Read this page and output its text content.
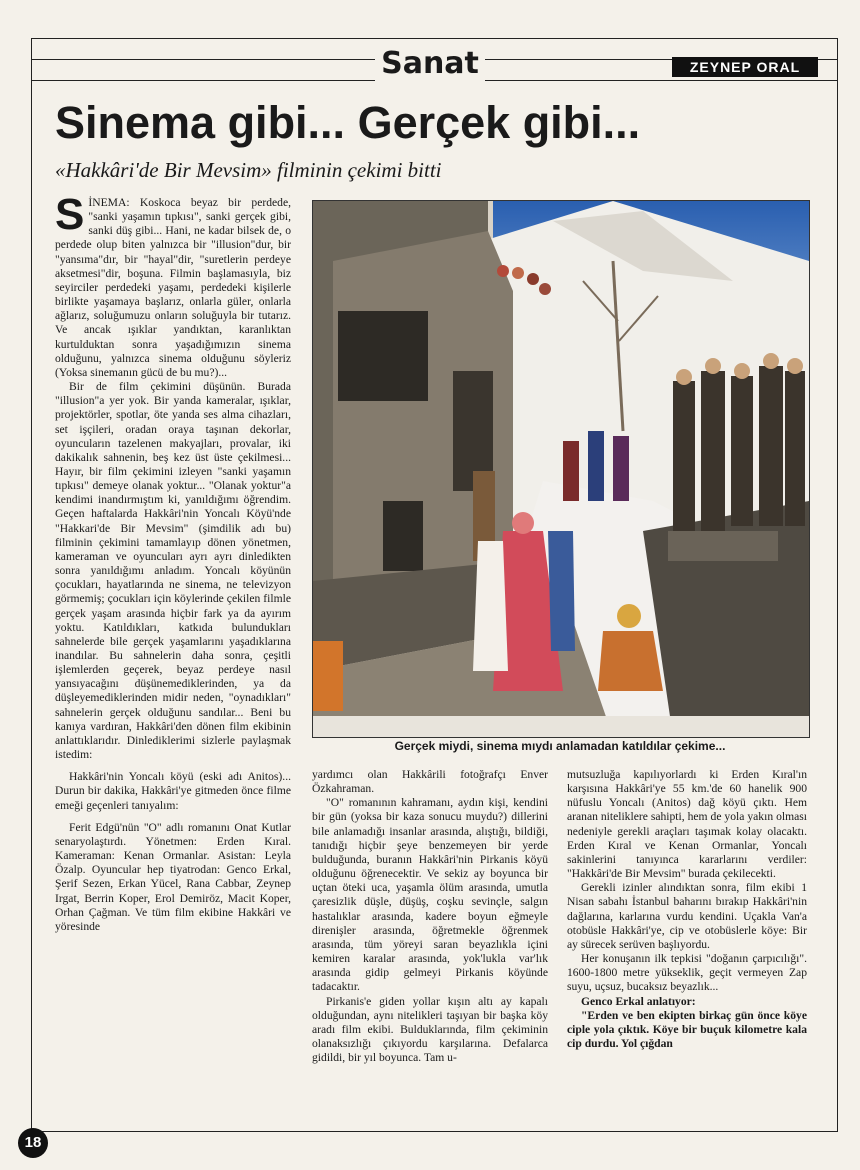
Sanat	ZEYNEP ORAL
Sinema gibi... Gerçek gibi...
«Hakkâri'de Bir Mevsim» filminin çekimi bitti

SİNEMA: Koskoca beyaz bir perdede, "sanki yaşamın tıpkısı", sanki gerçek gibi, sanki düş gibi... Hani, ne kadar bilsek de, o perdede olup biten yalnızca bir "illusion"dur, bir "yansıma"dır, bir "hayal"dir, "suretlerin perdeye aksetmesi"dir, boşuna. Filmin başlamasıyla, biz seyirciler perdedeki yaşamı, perdedeki kişilerle birlikte yaşamaya başlarız, onlarla güler, onlarla ağlarız, soluğumuzu onların soluğuyla bir tutarız. Ve ancak ışıklar yandıktan, karanlıktan kurtulduktan sonra yaşadığımızın sinema olduğunu, yalnızca sinema olduğunu söyleriz (Yoksa sinemanın gücü de bu mu?)...

Bir de film çekimini düşünün. Burada "illusion"a yer yok. Bir yanda kameralar, ışıklar, projektörler, spotlar, öte yanda ses alma cihazları, set işçileri, oradan oraya taşınan dekorlar, oyuncuların tazelenen makyajları, provalar, iki dakikalık sahnenin, beş kez üst üste çekilmesi... Hayır, bir film çekimini izleyen "sanki yaşamın tıpkısı" demeye olanak yoktur... "Olanak yoktur"a kendimi inandırmıştım ki, yanıldığımı öğrendim. Geçen haftalarda Hakkâri'nin Yoncalı Köyü'nde "Hakkari'de Bir Mevsim" (şimdilik adı bu) filminin çekimini tamamlayıp dönen yönetmen, kameraman ve oyuncuları ayrı ayrı dinledikten sonra yanıldığımı anladım. Yoncalı köyünün çocukları, hayatlarında ne sinema, ne televizyon görmemiş; çocukları için köylerinde çekilen filmle gerçek yaşam arasında hiçbir fark ya da ayırım yoktu. Katıldıkları, katkıda bulundukları sahnelerde bile gerçek yaşamlarını yaşadıklarına inandılar. Bu sahnelerin daha sonra, çeşitli işlemlerden geçerek, beyaz perdeye nasıl yansıyacağını düşünemediklerinden, ya da düşleyemediklerinden midir neden, "oynadıkları" sahnelerin gerçek olduğunu sandılar... Beni bu kanıya vardıran, Hakkâri'den dönen film ekibinin anlattıklarıdır. Dinlediklerimi sizlerle paylaşmak istedim:

Hakkâri'nin Yoncalı köyü (eski adı Anitos)... Durun bir dakika, Hakkâri'ye gitmeden önce filme emeği geçenleri tanıyalım:

Ferit Edgü'nün "O" adlı romanını Onat Kutlar senaryolaştırdı. Yönetmen: Erden Kıral. Kameraman: Kenan Ormanlar. Asistan: Leyla Özalp. Oyuncular hep tiyatrodan: Genco Erkal, Şerif Sezen, Erkan Yücel, Rana Cabbar, Zeynep Irgat, Berrin Koper, Erol Demiröz, Macit Koper, Orhan Çağman. Ve tüm film ekibine Hakkâri ve yöresinde

Gerçek miydi, sinema mıydı anlamadan katıldılar çekime...

yardımcı olan Hakkârili fotoğrafçı Enver Özkahraman.

"O" romanının kahramanı, aydın kişi, kendini bir gün (yoksa bir kaza sonucu muydu?) dillerini bile anlamadığı insanlar arasında, alıştığı, bildiği, tanıdığı hiçbir şeye benzemeyen bir yerde bulduğunda, buranın Hakkâri'nin Pirkanis köyü olduğunu öğrenecektir. Ve sekiz ay boyunca bir uçtan öteki uca, yaşamla ölüm arasında, umutla çaresizlik düşle, düşüş, coşku sevinçle, salgın hastalıklar arasında, kadere boyun eğmeyle direnişler arasında, öğretmekle öğrenmek arasında, tüm yöreyi saran beyazlıkla içini kemiren karalar arasında, yok'lukla var'lık arasında gidip gelmeyi Pirkanis köyünde tadacaktır.

Pirkanis'e giden yollar kışın altı ay kapalı olduğundan, aynı nitelikleri taşıyan bir başka köy aradı film ekibi. Bulduklarında, film çekiminin olanaksızlığı çıkıyordu karşılarına. Defalarca gidildi, bir yıl boyunca. Tam u-

mutsuzluğa kapılıyorlardı ki Erden Kıral'ın karşısına Hakkâri'ye 55 km.'de 60 hanelik 900 nüfuslu Yoncalı (Anitos) dağ köyü çıktı. Hem aranan niteliklere sahipti, hem de yola yakın olması nedeniyle gerekli araçları taşımak kolay olacaktı. Erden Kıral ve Kenan Ormanlar, Yoncalı sakinlerini tanıyınca kararlarını verdiler: "Hakkâri'de Bir Mevsim" burada çekilecekti.

Gerekli izinler alındıktan sonra, film ekibi 1 Nisan sabahı İstanbul baharını bırakıp Hakkâri'nin dağlarına, karlarına vurdu kendini. Uçakla Van'a otobüsle Hakkâri'ye, cip ve otobüslerle köye: Bir ay sürecek serüven başlıyordu.

Her konuşanın ilk tepkisi "doğanın çarpıcılığı". 1600-1800 metre yükseklik, geçit vermeyen Zap suyu, uçsuz, bucaksız beyazlık...

Genco Erkal anlatıyor:

"Erden ve ben ekipten birkaç gün önce köye ciple yola çıktık. Köye bir buçuk kilometre kala cip durdu. Yol çığdan

18
